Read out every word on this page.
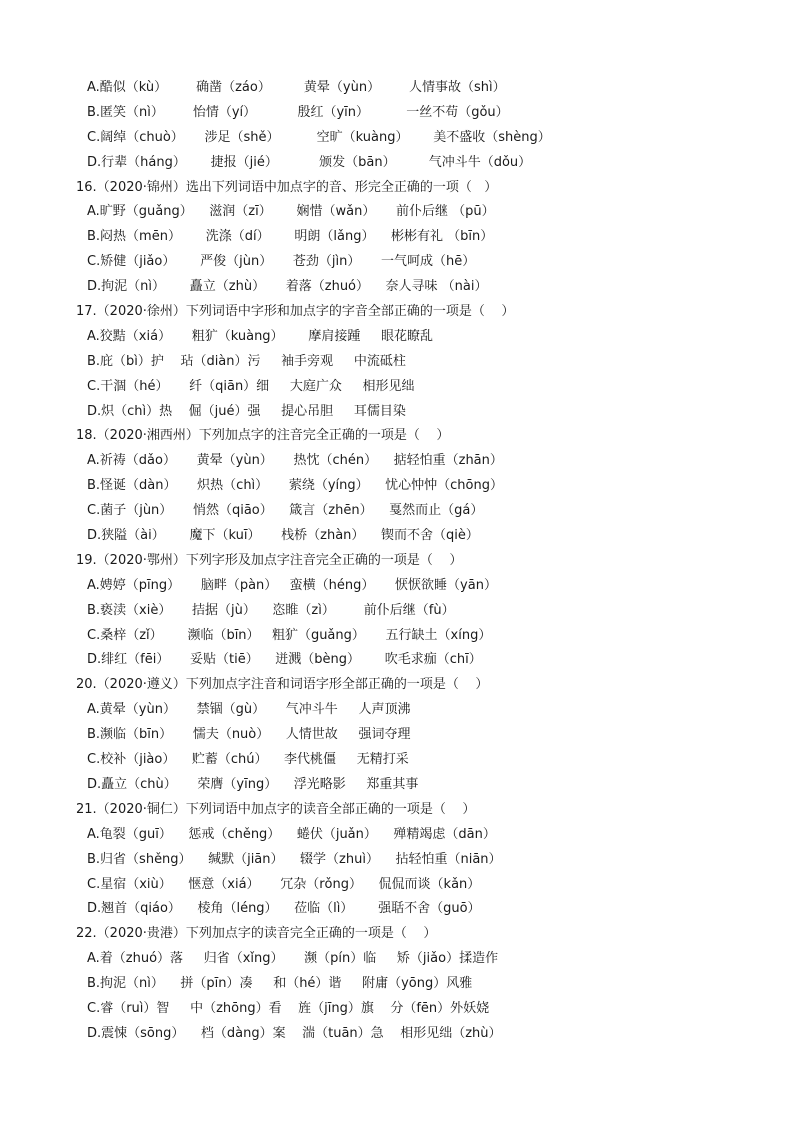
A.酷似（kù）       确凿（záo）        黄晕（yùn）       人情事故（shì）
B.匿笑（nì）       怡情（yí）          殷红（yīn）         一丝不苟（gǒu）
C.阔绰（chuò）     涉足（shě）         空旷（kuàng）      美不盛收（shèng）
D.行辈（háng）      捷报（jié）          颁发（bān）        气冲斗牛（dǒu）
16.（2020·锦州）选出下列词语中加点字的音、形完全正确的一项（   ）
A.旷野（guǎng）    滋润（zī）      娴惜（wǎn）     前仆后继 （pū）
B.闷热（mēn）      洗涤（dí）      明朗（lǎng）    彬彬有礼 （bīn）
C.矫健（jiǎo）      严俊（jùn）     苍劲（jìn）     一气呵成（hē）
D.拘泥（nì）      矗立（zhù）     着落（zhuó）    奈人寻味 （nài）
17.（2020·徐州）下列词语中字形和加点字的字音全部正确的一项是（    ）
A.狡黠（xiá）     粗犷（kuàng）      摩肩接踵     眼花瞭乱
B.庇（bì）护    玷（diàn）污     袖手旁观     中流砥柱
C.干涸（hé）     纤（qiān）细     大庭广众     相形见绌
D.炽（chì）热    倔（jué）强     提心吊胆     耳儒目染
18.（2020·湘西州）下列加点字的注音完全正确的一项是（    ）
A.祈祷（dǎo）     黄晕（yùn）     热忱（chén）    掂轻怕重（zhān）
B.怪诞（dàn）     炽热（chì）     萦绕（yíng）    忧心忡忡（chōng）
C.菌子（jùn）     悄然（qiāo）    箴言（zhēn）    戛然而止（gá）
D.狭隘（ài）      魔下（kuī）     栈桥（zhàn）    锲而不舍（qiè）
19.（2020·鄂州）下列字形及加点字注音完全正确的一项是（    ）
A.娉婷（pīng）     脑畔（pàn）   蛮横（héng）     恹恹欲睡（yān）
B.亵渎（xiè）     拮据（jù）    恣睢（zì）       前仆后继（fù）
C.桑梓（zǐ）      濒临（bīn）   粗犷（guǎng）     五行缺土（xíng）
D.绯红（fēi）     妥贴（tiē）    迸溅（bèng）      吹毛求痂（chī）
20.（2020·遵义）下列加点字注音和词语字形全部正确的一项是（    ）
A.黄晕（yùn）     禁锢（gù）     气冲斗牛     人声顶沸
B.濒临（bīn）     懦夫（nuò）    人情世故     强词夺理
C.校补（jiào）    贮蓄（chú）    李代桃僵     无精打采
D.矗立（chù）     荣膺（yīng）    浮光略影     郑重其事
21.（2020·铜仁）下列词语中加点字的读音全部正确的一项是（    ）
A.龟裂（guī）    惩戒（chěng）    蜷伏（juǎn）    殚精竭虑（dān）
B.归省（shěng）    缄默（jiān）    辍学（zhuì）    拈轻怕重（niān）
C.星宿（xiù）    惬意（xiá）     冗杂（rǒng）    侃侃而谈（kǎn）
D.翘首（qiáo）    棱角（léng）    莅临（lì）      强聒不舍（guō）
22.（2020·贵港）下列加点字的读音完全正确的一项是（    ）
A.着（zhuó）落     归省（xǐng）     濒（pín）临     矫（jiǎo）揉造作
B.拘泥（nì）    拼（pīn）凑     和（hé）谐     附庸（yōng）风雅
C.睿（ruì）智     中（zhōng）看    旌（jīng）旗    分（fēn）外妖娆
D.震悚（sōng）    档（dàng）案    湍（tuān）急    相形见绌（zhù）
